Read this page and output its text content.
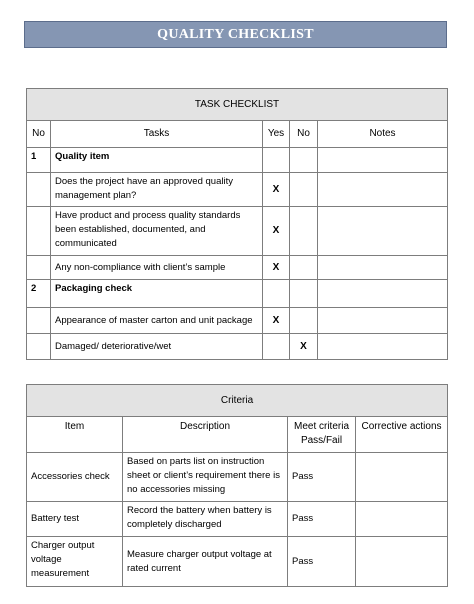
QUALITY CHECKLIST
TASK CHECKLIST				
No	Tasks	Yes	No	Notes
1	Quality item			
	Does the project have an approved quality management plan?	X		
	Have product and process quality standards been established, documented, and communicated	X		
	Any non-compliance with client’s sample	X		
2	Packaging check			
	Appearance of master carton and unit package	X		
	Damaged/ deteriorative/wet		X	
Criteria			
Item	Description	Meet criteria Pass/Fail	Corrective actions
Accessories check	Based on parts list on instruction sheet or client’s requirement there is no accessories missing	Pass	
Battery test	Record the battery when battery is completely discharged	Pass	
Charger output voltage measurement	Measure charger output voltage at rated current	Pass	
